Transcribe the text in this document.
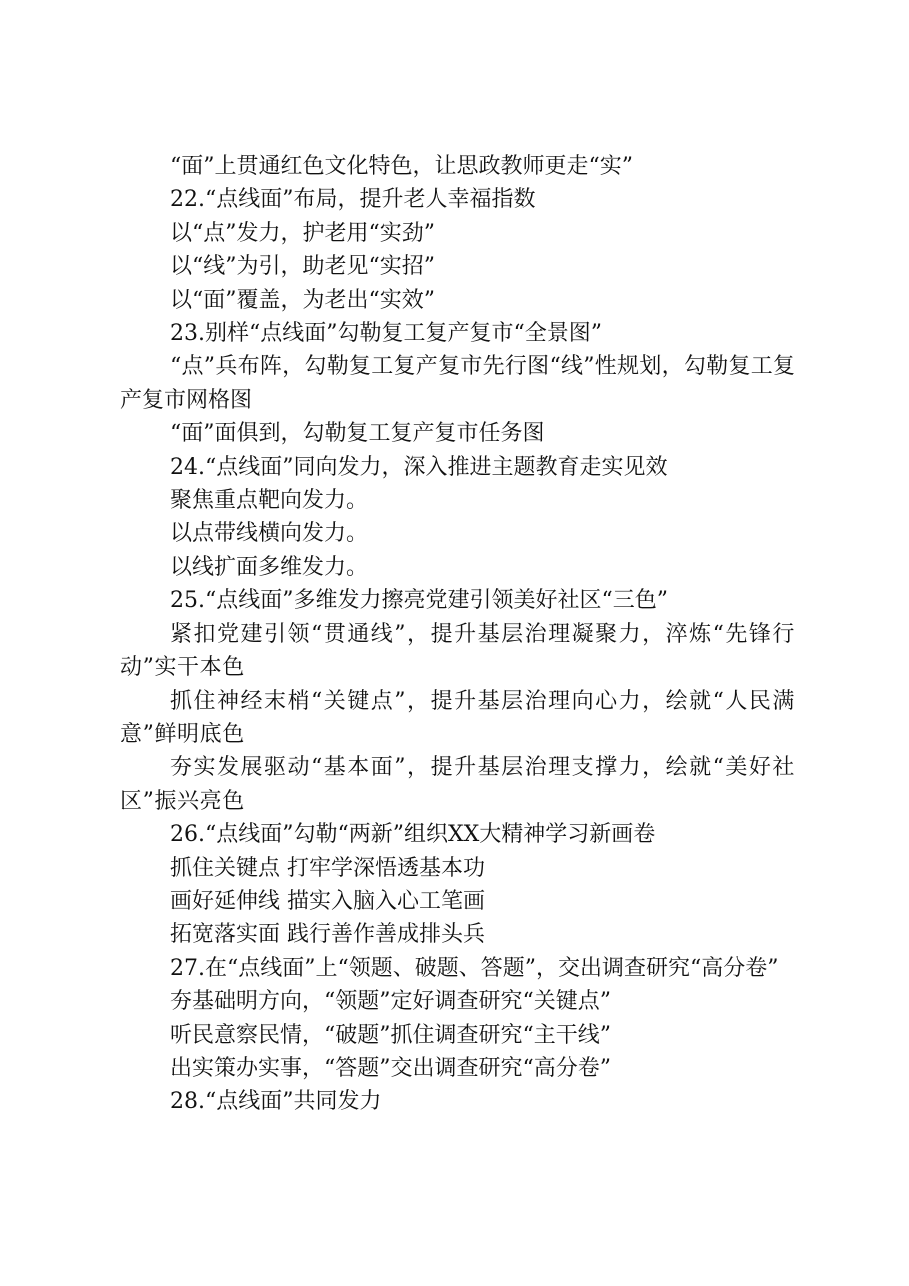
“面”上贯通红色文化特色，让思政教师更走“实”

22.“点线面”布局，提升老人幸福指数

以“点”发力，护老用“实劲”

以“线”为引，助老见“实招”

以“面”覆盖，为老出“实效”

23.别样“点线面”勾勒复工复产复市“全景图”

“点”兵布阵，勾勒复工复产复市先行图“线”性规划，勾勒复工复产复市网格图

“面”面俱到，勾勒复工复产复市任务图

24.“点线面”同向发力，深入推进主题教育走实见效

聚焦重点靶向发力。

以点带线横向发力。

以线扩面多维发力。

25.“点线面”多维发力擦亮党建引领美好社区“三色”

紧扣党建引领“贯通线”，提升基层治理凝聚力，淬炼“先锋行动”实干本色

抓住神经末梢“关键点”，提升基层治理向心力，绘就“人民满意”鲜明底色

夯实发展驱动“基本面”，提升基层治理支撑力，绘就“美好社区”振兴亮色

26.“点线面”勾勒“两新”组织XX大精神学习新画卷

抓住关键点 打牢学深悟透基本功

画好延伸线 描实入脑入心工笔画

拓宽落实面 践行善作善成排头兵

27.在“点线面”上“领题、破题、答题”，交出调查研究“高分卷”

夯基础明方向，“领题”定好调查研究“关键点”

听民意察民情，“破题”抓住调查研究“主干线”

出实策办实事，“答题”交出调查研究“高分卷”

28.“点线面”共同发力
